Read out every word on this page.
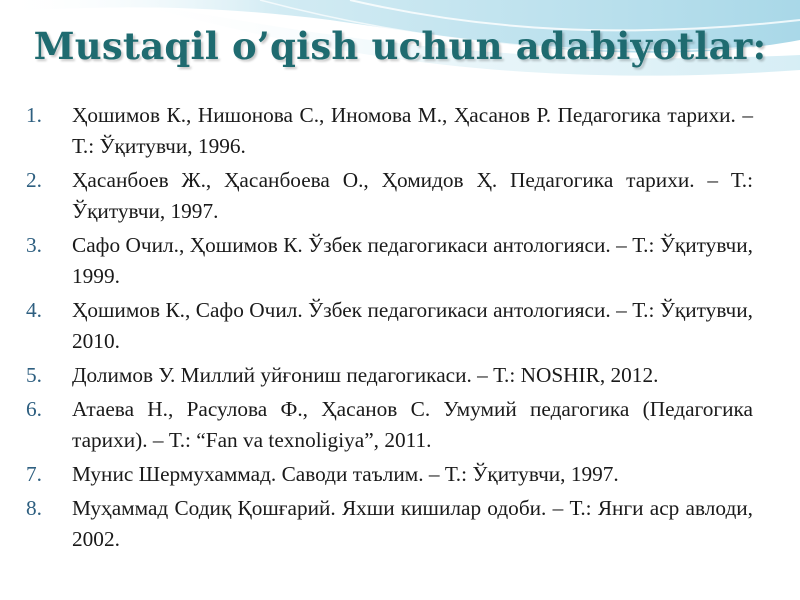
Mustaqil o’qish uchun adabiyotlar:
1. Ҳошимов К., Нишонова С., Иномова М., Ҳасанов Р. Педагогика тарихи. – Т.: Ўқитувчи, 1996.
2. Ҳасанбоев Ж., Ҳасанбоева О., Ҳомидов Ҳ. Педагогика тарихи. – Т.: Ўқитувчи, 1997.
3. Сафо Очил., Ҳошимов К. Ўзбек педагогикаси антологияси. – Т.: Ўқитувчи, 1999.
4. Ҳошимов К., Сафо Очил. Ўзбек педагогикаси антологияси. – Т.: Ўқитувчи, 2010.
5. Долимов У. Миллий уйғониш педагогикаси. – Т.: NOSHIR, 2012.
6. Атаева Н., Расулова Ф., Ҳасанов С. Умумий педагогика (Педагогика тарихи). – Т.: “Fan va texnoligiya”, 2011.
7. Мунис Шермухаммад. Саводи таълим. – Т.: Ўқитувчи, 1997.
8. Муҳаммад Содиқ Қошғарий. Яхши кишилар одоби. – Т.: Янги аср авлоди, 2002.
